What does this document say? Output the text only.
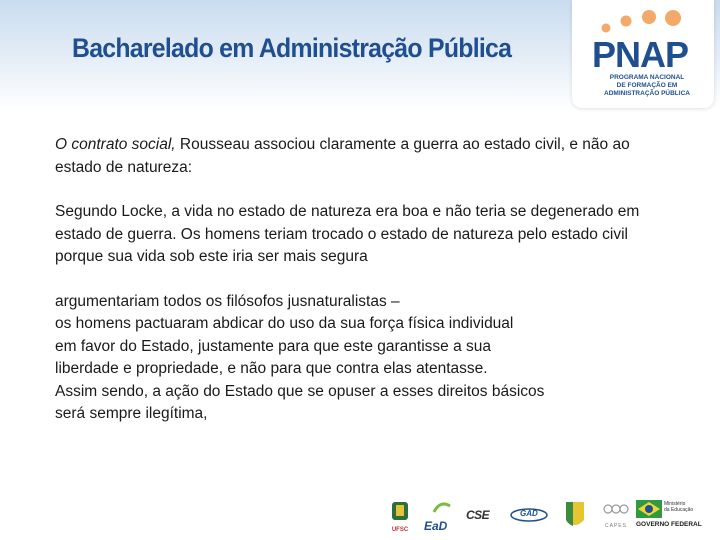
Bacharelado em Administração Pública PNAP
PROGRAMA NACIONAL
DE FORMAÇÃO EM
ADMINISTRAÇÃO PÚBLICA

O contrato social, Rousseau associou claramente a guerra ao estado civil, e não ao estado de natureza:

Segundo Locke, a vida no estado de natureza era boa e não teria se degenerado em estado de guerra. Os homens teriam trocado o estado de natureza pelo estado civil porque sua vida sob este iria ser mais segura

argumentariam todos os filósofos jusnaturalistas –
os homens pactuaram abdicar do uso da sua força física individual
em favor do Estado, justamente para que este garantisse a sua
liberdade e propriedade, e não para que contra elas atentasse.
Assim sendo, a ação do Estado que se opuser a esses direitos básicos
será sempre ilegítima,

UFSC	EaD
CSE	GAD
CAPES
Ministério
da Educação
GOVERNO FEDERAL
